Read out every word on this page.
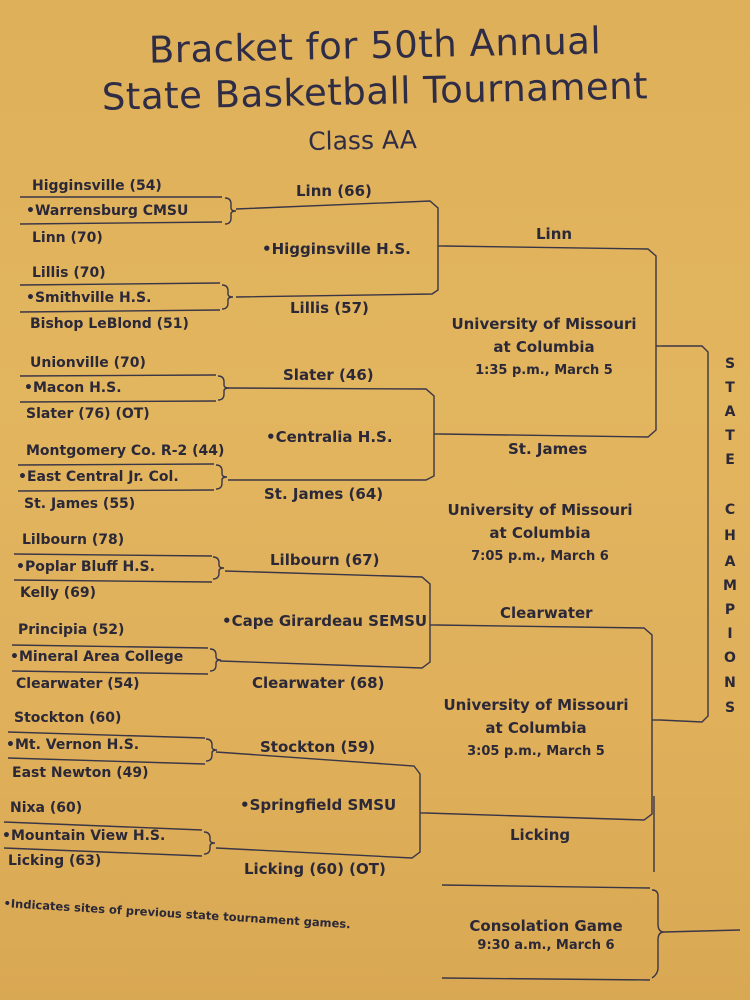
Bracket for 50th Annual
State Basketball Tournament
Class AA
Higginsville (54)
•Warrensburg CMSU
Linn (70)
Lillis (70)
•Smithville H.S.
Bishop LeBlond (51)
Unionville (70)
•Macon H.S.
Slater (76) (OT)
Montgomery Co. R-2 (44)
•East Central Jr. Col.
St. James (55)
Lilbourn (78)
•Poplar Bluff H.S.
Kelly (69)
Principia (52)
•Mineral Area College
Clearwater (54)
Stockton (60)
•Mt. Vernon H.S.
East Newton (49)
Nixa (60)
•Mountain View H.S.
Licking (63)
Linn (66)
•Higginsville H.S.
Lillis (57)
Slater (46)
•Centralia H.S.
St. James (64)
Lilbourn (67)
•Cape Girardeau SEMSU
Clearwater (68)
Stockton (59)
•Springfield SMSU
Licking (60) (OT)
Linn
University of Missouri
at Columbia
1:35 p.m., March 5
St. James
Clearwater
University of Missouri
at Columbia
3:05 p.m., March 5
Licking
University of Missouri
at Columbia
7:05 p.m., March 6
Consolation Game
9:30 a.m., March 6
S
T
A
T
E
C
H
A
M
P
I
O
N
S
•Indicates sites of previous state tournament games.
